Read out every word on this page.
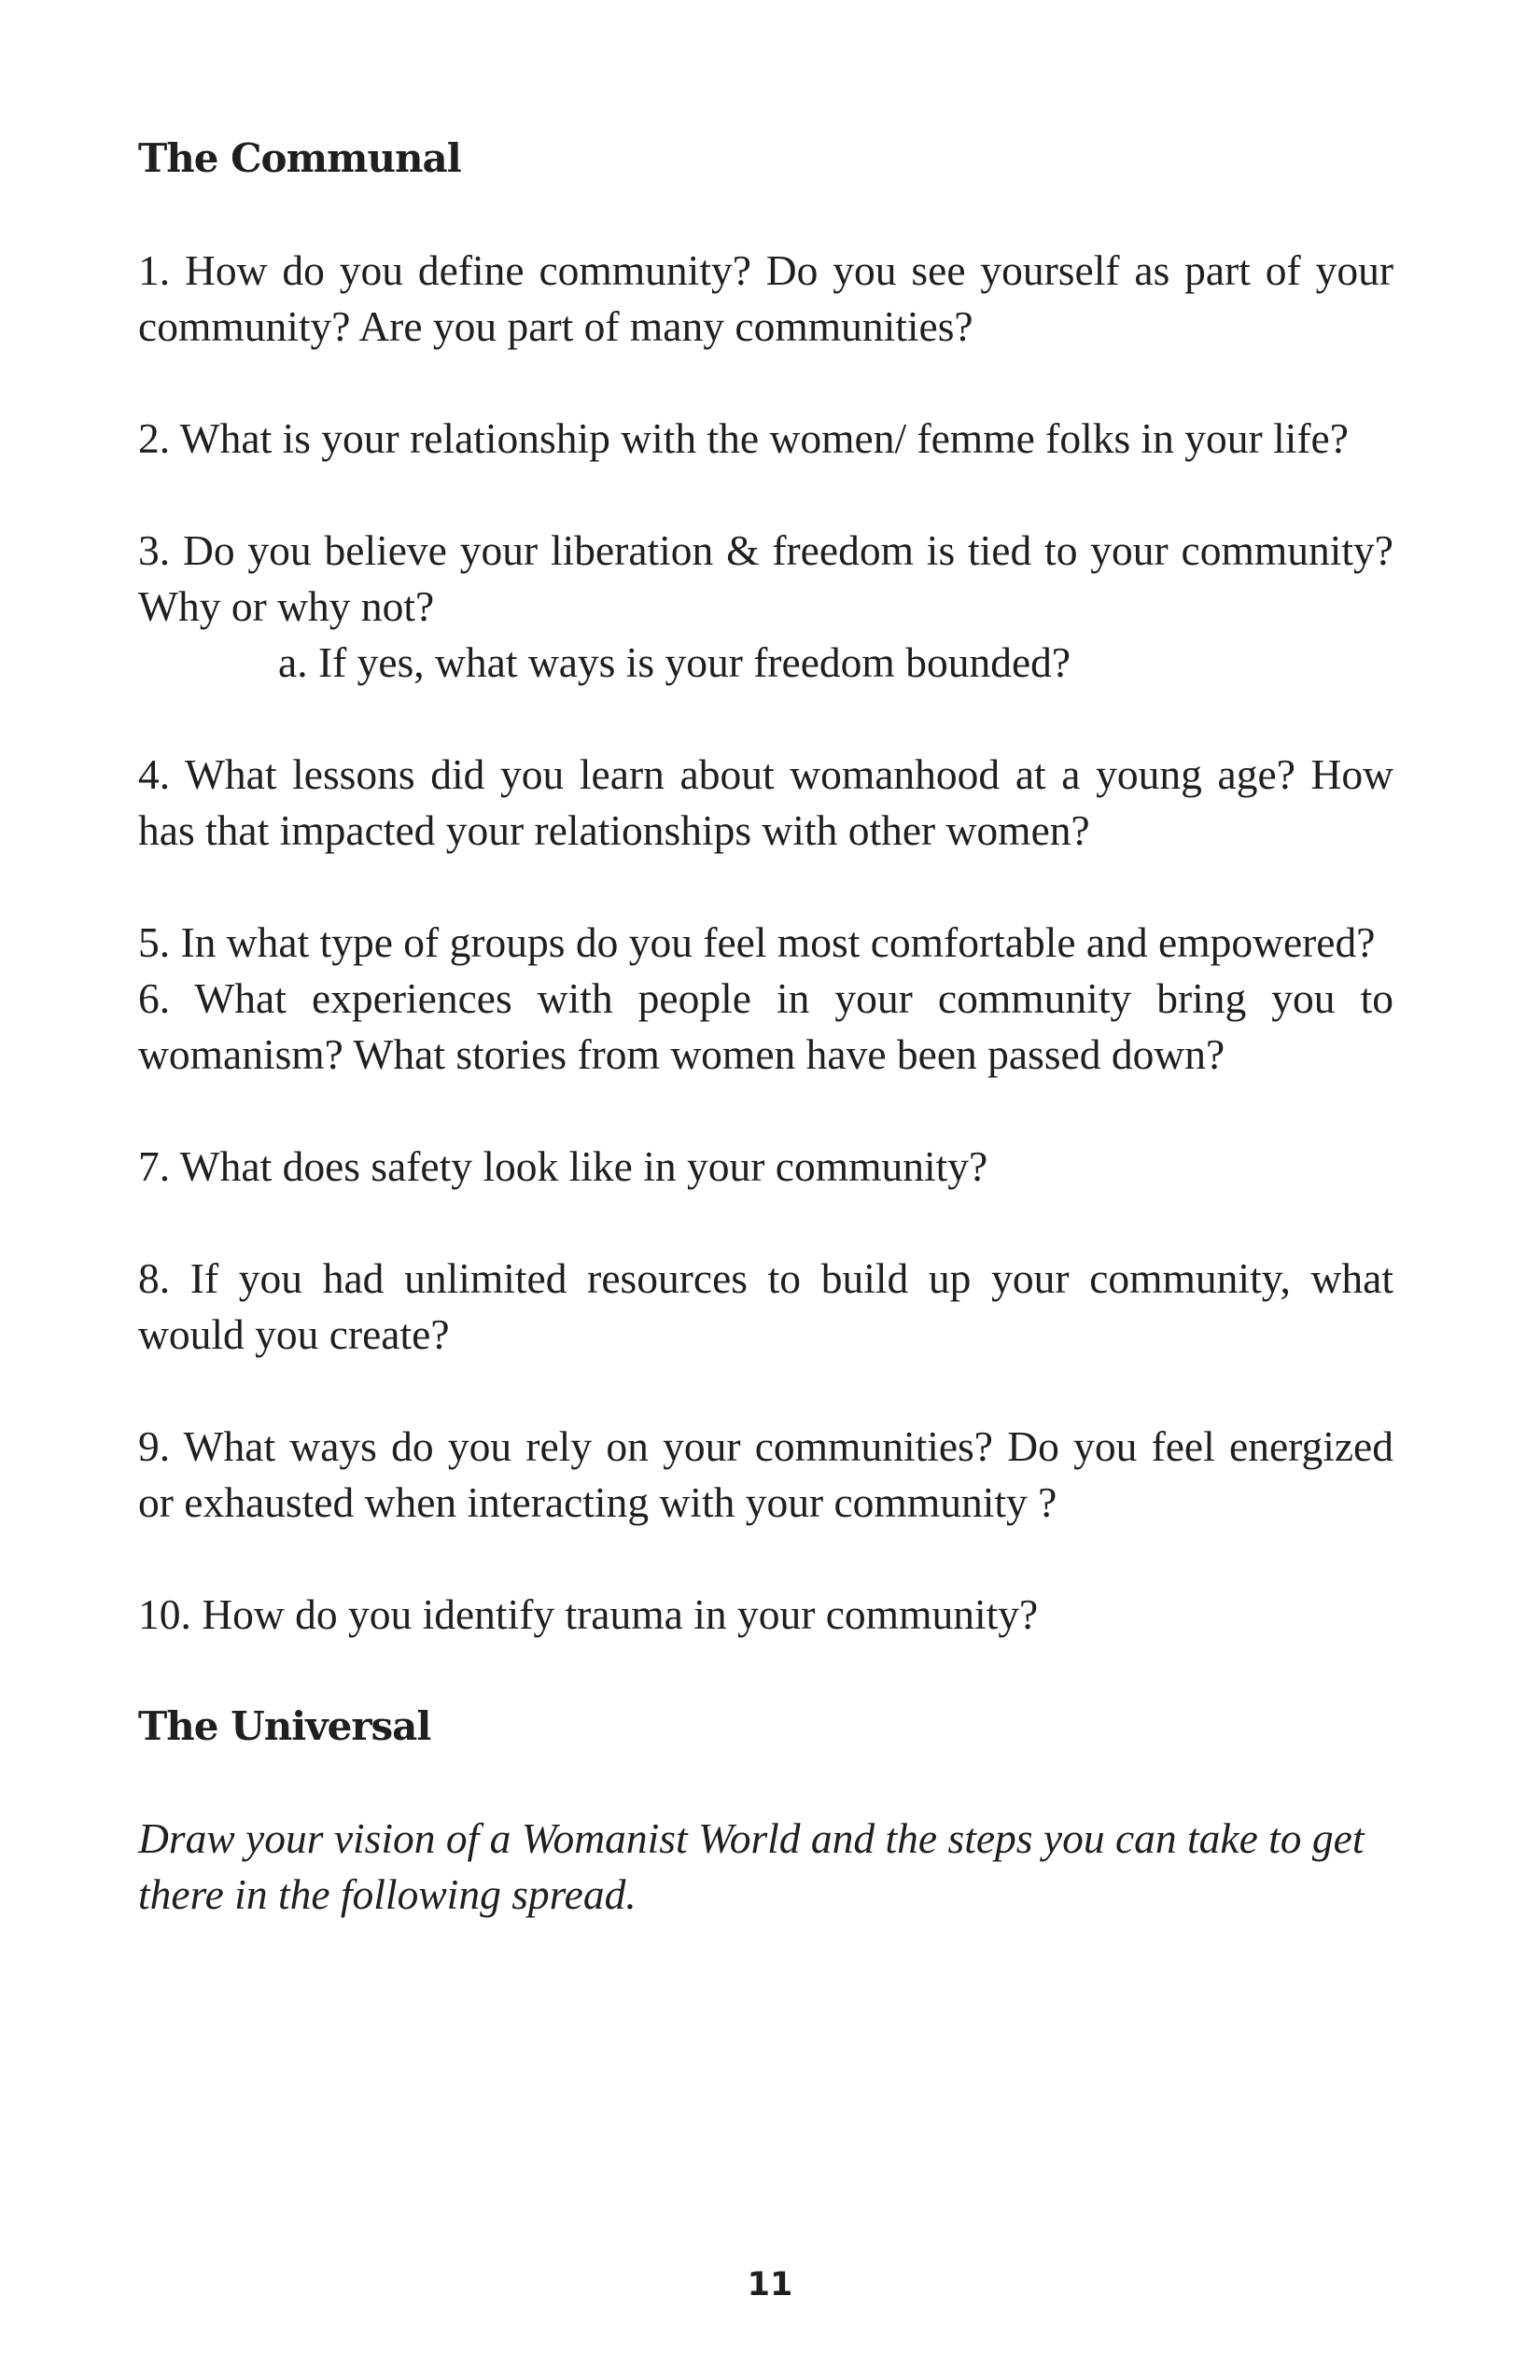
The Communal

1. How do you define community? Do you see yourself as part of your community? Are you part of many communities?

2. What is your relationship with the women/ femme folks in your life?

3. Do you believe your liberation & freedom is tied to your community? Why or why not?
a. If yes, what ways is your freedom bounded?

4. What lessons did you learn about womanhood at a young age? How has that impacted your relationships with other women?

5. In what type of groups do you feel most comfortable and empowered?

6. What experiences with people in your community bring you to womanism? What stories from women have been passed down?

7. What does safety look like in your community?

8. If you had unlimited resources to build up your community, what would you create?

9. What ways do you rely on your communities? Do you feel energized or exhausted when interacting with your community ?

10. How do you identify trauma in your community?

The Universal

Draw your vision of a Womanist World and the steps you can take to get there in the following spread.

11
